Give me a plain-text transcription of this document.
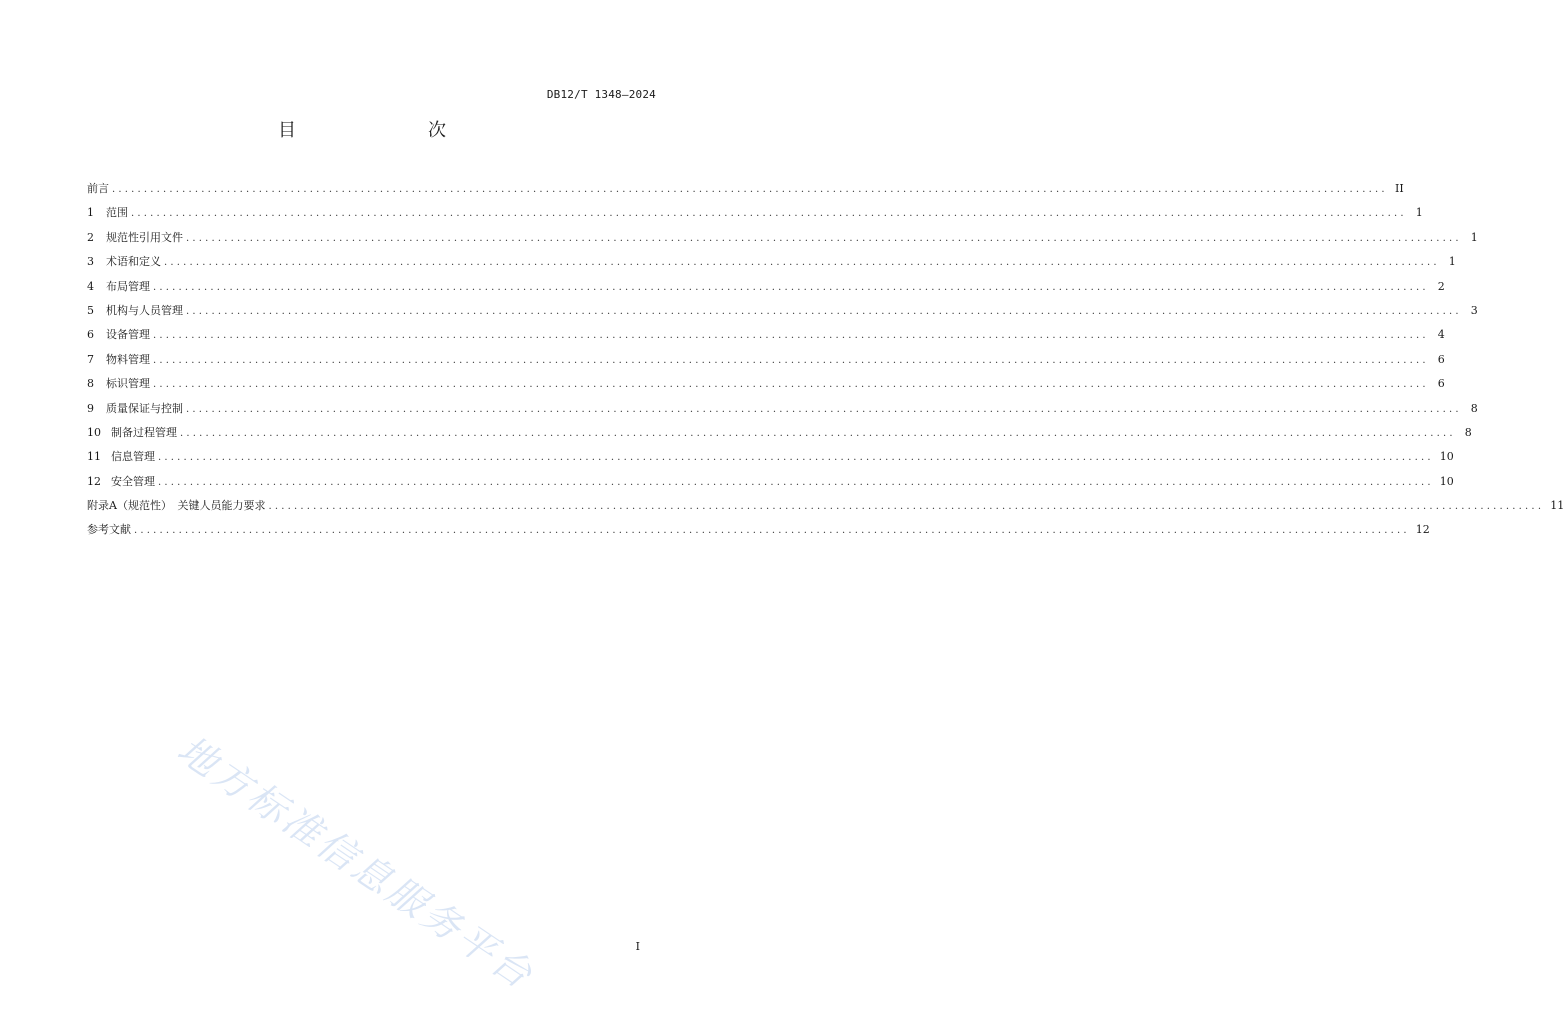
DB12/T 1348—2024
目　　次
前言 ........................................................................................................................................................................................................ II
1	范围 ........................................................................................................................................................................................................ 1
2	规范性引用文件 ........................................................................................................................................................................................................ 1
3	术语和定义 ........................................................................................................................................................................................................ 1
4	布局管理 ........................................................................................................................................................................................................ 2
5	机构与人员管理 ........................................................................................................................................................................................................ 3
6	设备管理 ........................................................................................................................................................................................................ 4
7	物料管理 ........................................................................................................................................................................................................ 6
8	标识管理 ........................................................................................................................................................................................................ 6
9	质量保证与控制 ........................................................................................................................................................................................................ 8
10 制备过程管理 ........................................................................................................................................................................................................ 8
11 信息管理 ........................................................................................................................................................................................................ 10
12 安全管理 ........................................................................................................................................................................................................ 10
附录A（规范性）　关键人员能力要求 ........................................................................................................................................................................................................ 11
参考文献 ........................................................................................................................................................................................................ 12
地方标准信息服务平台	I
